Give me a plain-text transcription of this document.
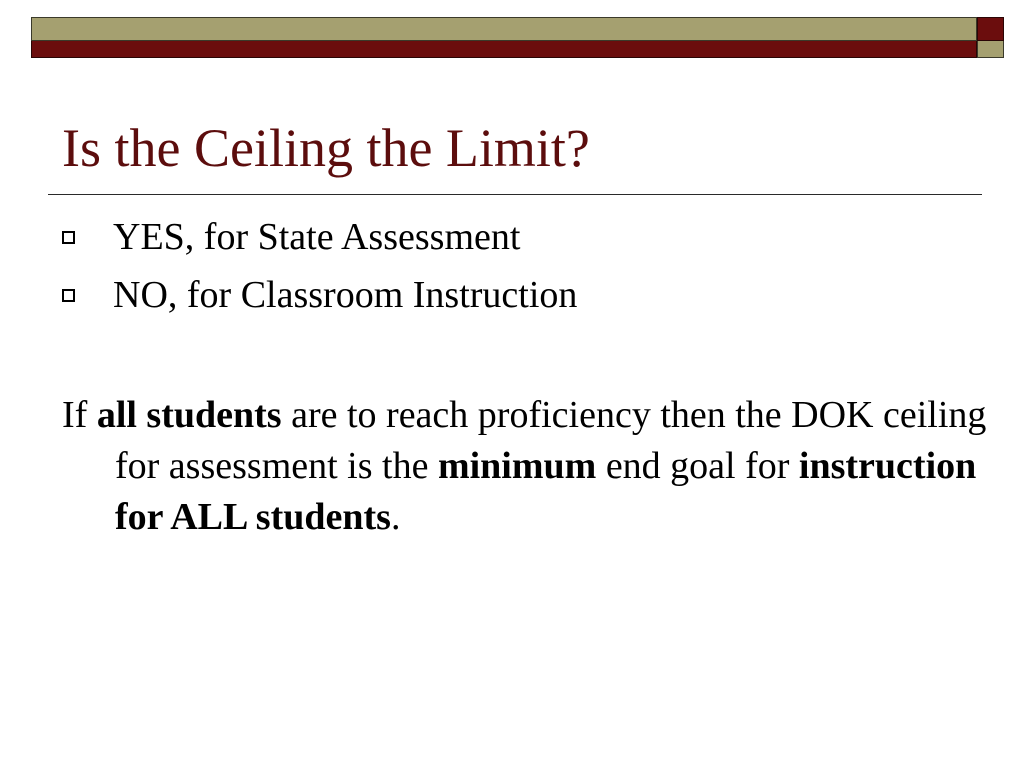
Is the Ceiling the Limit?
YES, for State Assessment
NO, for Classroom Instruction

If all students are to reach proficiency then the DOK ceiling for assessment is the minimum end goal for instruction for ALL students.
